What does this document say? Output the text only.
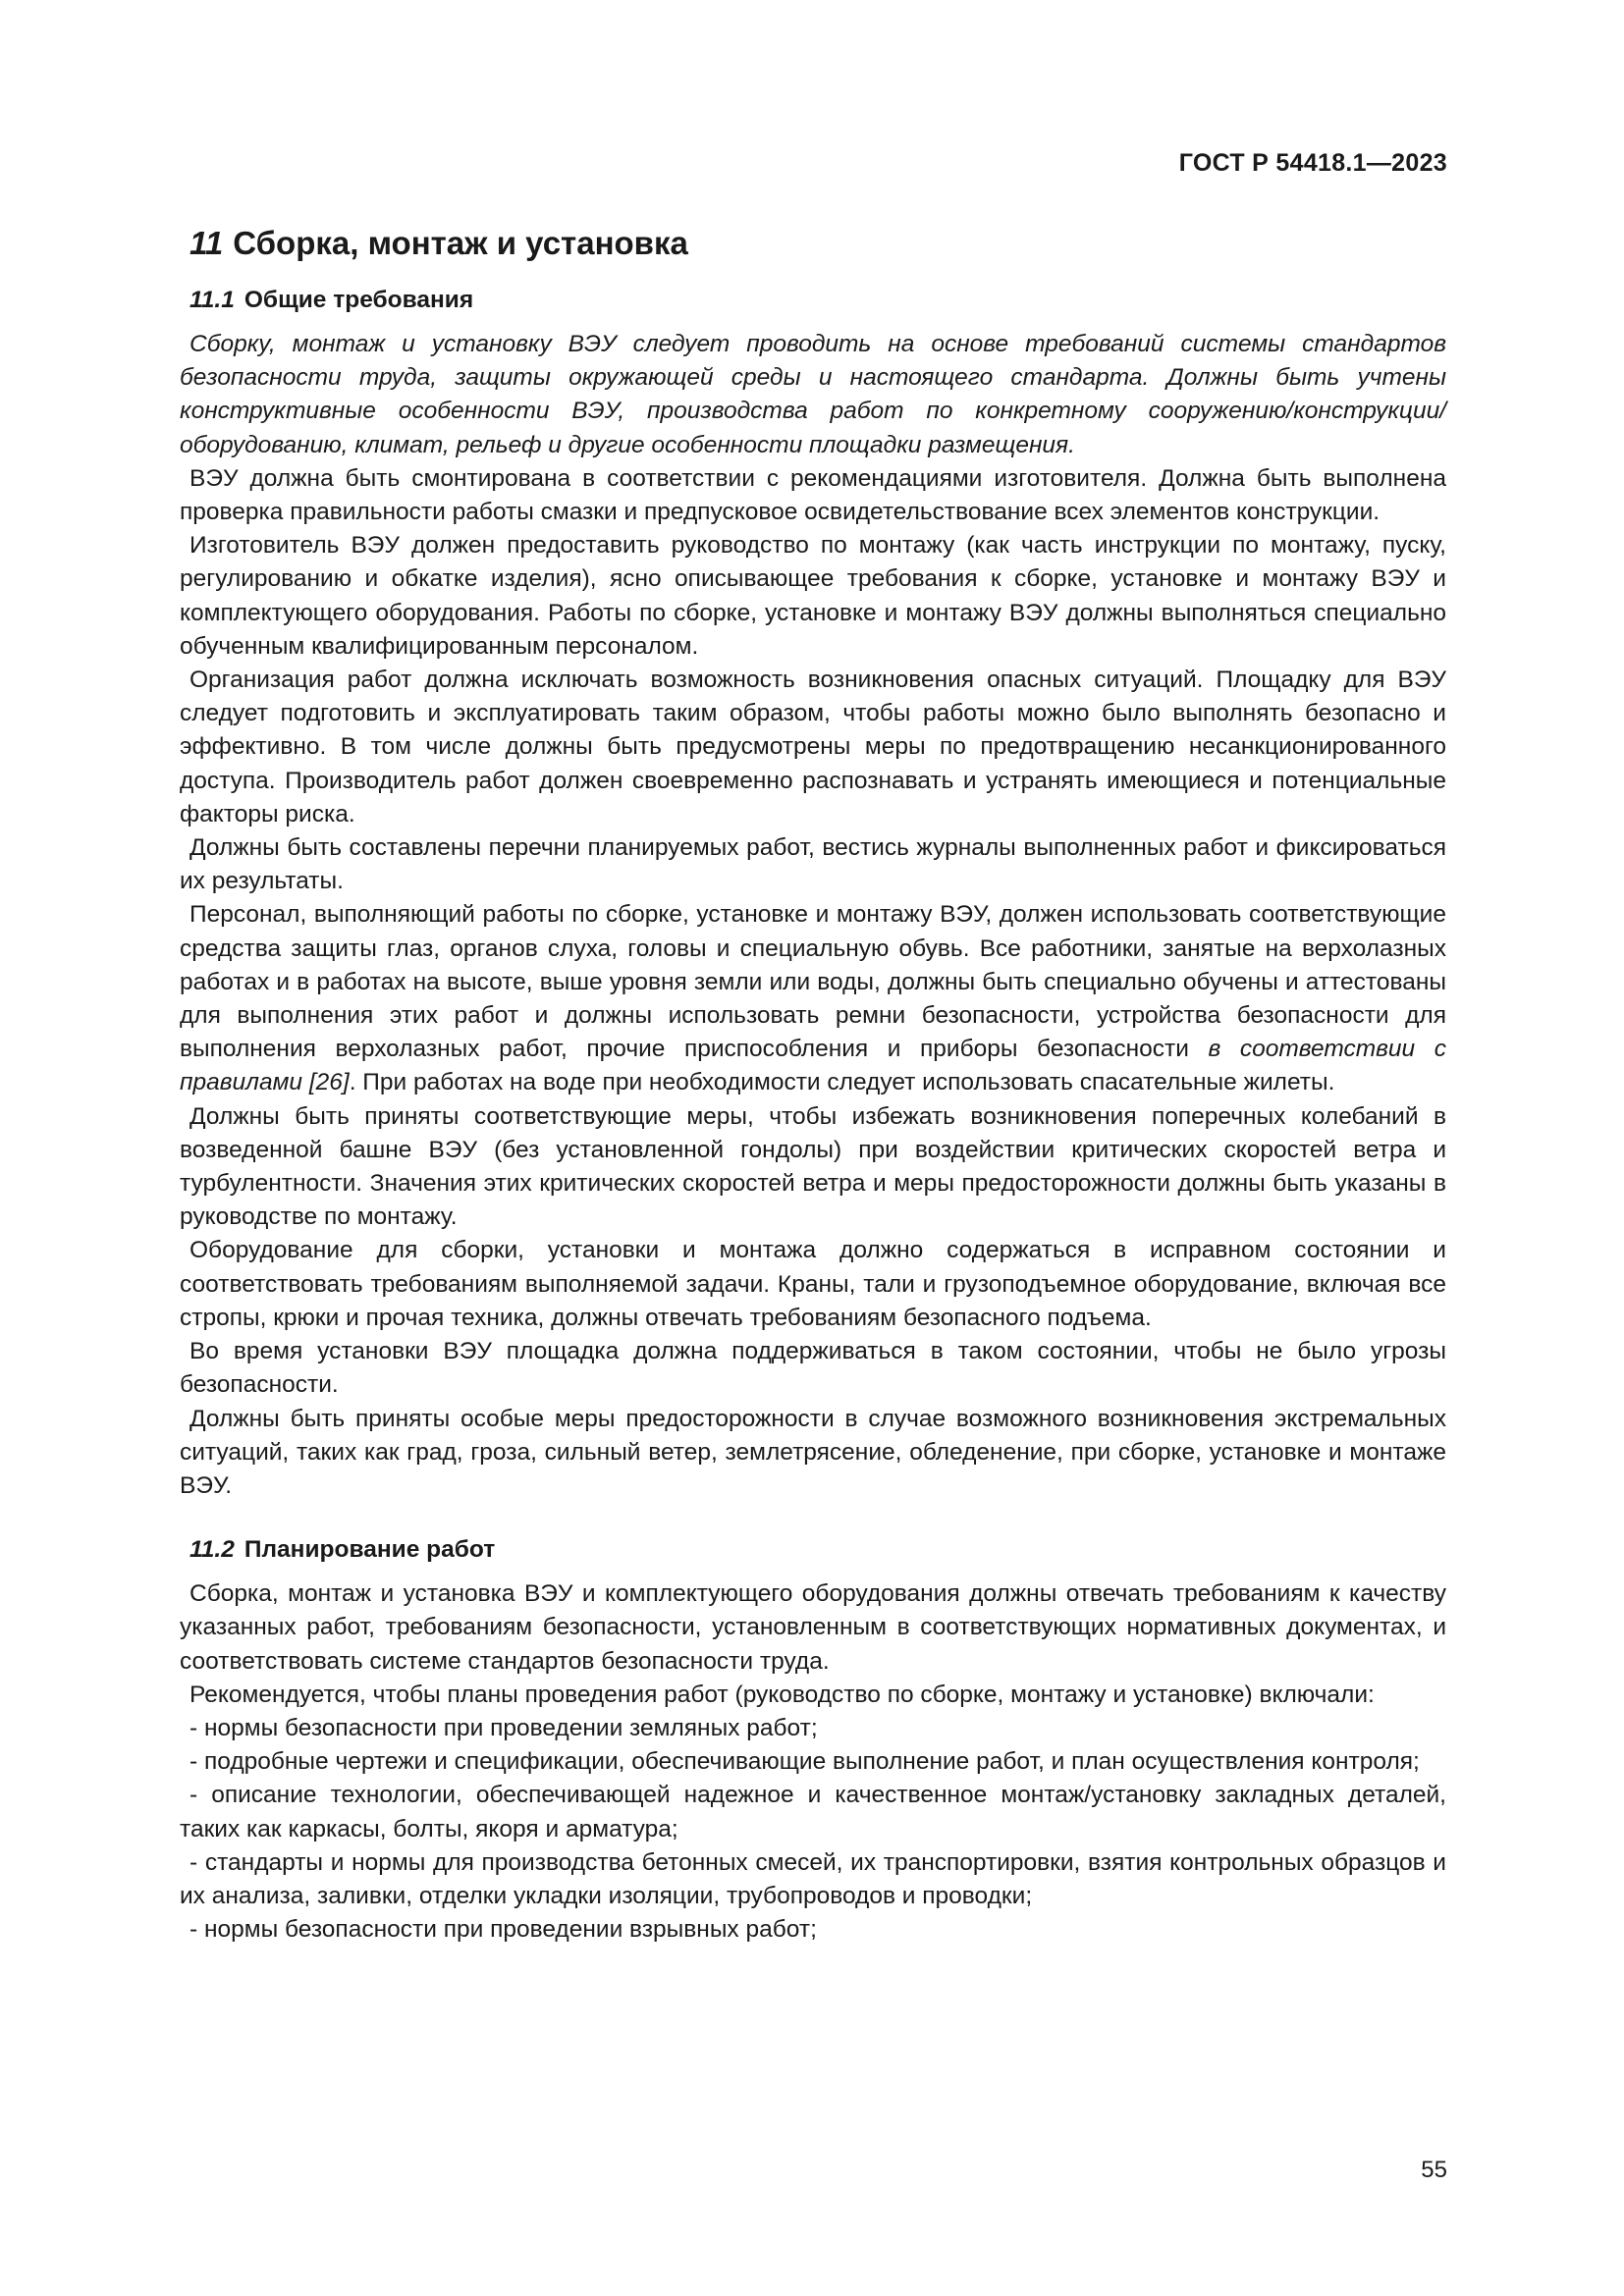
ГОСТ Р 54418.1—2023
11 Сборка, монтаж и установка
11.1 Общие требования

Сборку, монтаж и установку ВЭУ следует проводить на основе требований системы стандартов безопасности труда, защиты окружающей среды и настоящего стандарта. Должны быть учтены конструктивные особенности ВЭУ, производства работ по конкретному сооружению/конструкции/оборудованию, климат, рельеф и другие особенности площадки размещения.

ВЭУ должна быть смонтирована в соответствии с рекомендациями изготовителя. Должна быть выполнена проверка правильности работы смазки и предпусковое освидетельствование всех элементов конструкции.

Изготовитель ВЭУ должен предоставить руководство по монтажу (как часть инструкции по монтажу, пуску, регулированию и обкатке изделия), ясно описывающее требования к сборке, установке и монтажу ВЭУ и комплектующего оборудования. Работы по сборке, установке и монтажу ВЭУ должны выполняться специально обученным квалифицированным персоналом.

Организация работ должна исключать возможность возникновения опасных ситуаций. Площадку для ВЭУ следует подготовить и эксплуатировать таким образом, чтобы работы можно было выполнять безопасно и эффективно. В том числе должны быть предусмотрены меры по предотвращению несанкционированного доступа. Производитель работ должен своевременно распознавать и устранять имеющиеся и потенциальные факторы риска.

Должны быть составлены перечни планируемых работ, вестись журналы выполненных работ и фиксироваться их результаты.

Персонал, выполняющий работы по сборке, установке и монтажу ВЭУ, должен использовать соответствующие средства защиты глаз, органов слуха, головы и специальную обувь. Все работники, занятые на верхолазных работах и в работах на высоте, выше уровня земли или воды, должны быть специально обучены и аттестованы для выполнения этих работ и должны использовать ремни безопасности, устройства безопасности для выполнения верхолазных работ, прочие приспособления и приборы безопасности в соответствии с правилами [26]. При работах на воде при необходимости следует использовать спасательные жилеты.

Должны быть приняты соответствующие меры, чтобы избежать возникновения поперечных колебаний в возведенной башне ВЭУ (без установленной гондолы) при воздействии критических скоростей ветра и турбулентности. Значения этих критических скоростей ветра и меры предосторожности должны быть указаны в руководстве по монтажу.

Оборудование для сборки, установки и монтажа должно содержаться в исправном состоянии и соответствовать требованиям выполняемой задачи. Краны, тали и грузоподъемное оборудование, включая все стропы, крюки и прочая техника, должны отвечать требованиям безопасного подъема.

Во время установки ВЭУ площадка должна поддерживаться в таком состоянии, чтобы не было угрозы безопасности.

Должны быть приняты особые меры предосторожности в случае возможного возникновения экстремальных ситуаций, таких как град, гроза, сильный ветер, землетрясение, обледенение, при сборке, установке и монтаже ВЭУ.

11.2 Планирование работ

Сборка, монтаж и установка ВЭУ и комплектующего оборудования должны отвечать требованиям к качеству указанных работ, требованиям безопасности, установленным в соответствующих нормативных документах, и соответствовать системе стандартов безопасности труда.

Рекомендуется, чтобы планы проведения работ (руководство по сборке, монтажу и установке) включали:

- нормы безопасности при проведении земляных работ;

- подробные чертежи и спецификации, обеспечивающие выполнение работ, и план осуществления контроля;

- описание технологии, обеспечивающей надежное и качественное монтаж/установку закладных деталей, таких как каркасы, болты, якоря и арматура;

- стандарты и нормы для производства бетонных смесей, их транспортировки, взятия контрольных образцов и их анализа, заливки, отделки укладки изоляции, трубопроводов и проводки;

- нормы безопасности при проведении взрывных работ;

55
